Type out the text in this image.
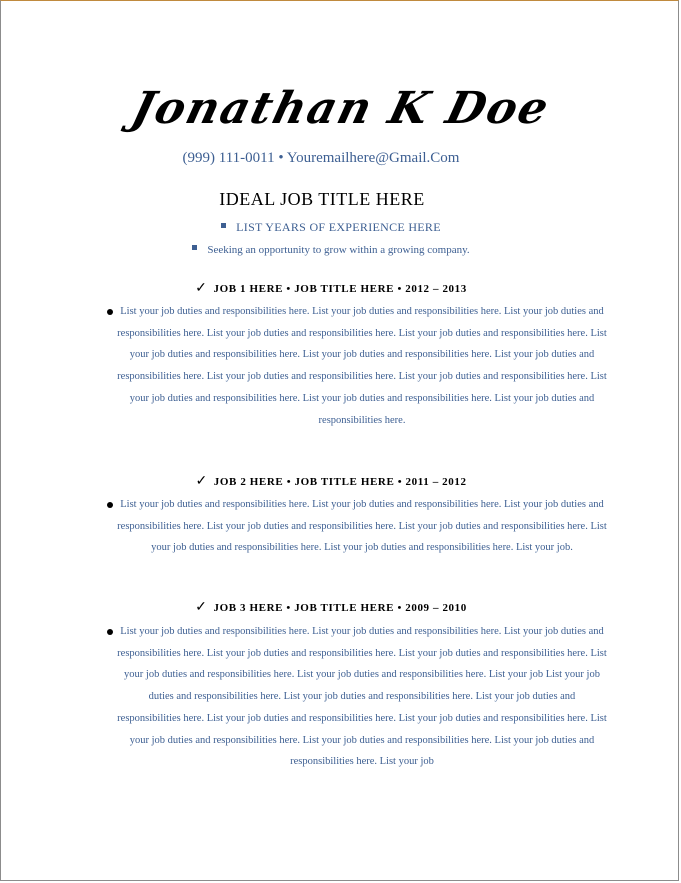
Jonathan K Doe
(999) 111-0011 • Youremailhere@Gmail.Com
IDEAL JOB TITLE HERE
LIST YEARS OF EXPERIENCE HERE
Seeking an opportunity to grow within a growing company.
✓ JOB 1 HERE • JOB TITLE HERE • 2012 – 2013

List your job duties and responsibilities here. List your job duties and responsibilities here. List your job duties and responsibilities here. List your job duties and responsibilities here. List your job duties and responsibilities here. List your job duties and responsibilities here. List your job duties and responsibilities here. List your job duties and responsibilities here. List your job duties and responsibilities here. List your job duties and responsibilities here. List your job duties and responsibilities here. List your job duties and responsibilities here. List your job duties and responsibilities here.

✓ JOB 2 HERE • JOB TITLE HERE • 2011 – 2012

List your job duties and responsibilities here. List your job duties and responsibilities here. List your job duties and responsibilities here. List your job duties and responsibilities here. List your job duties and responsibilities here. List your job duties and responsibilities here. List your job duties and responsibilities here. List your job.

✓ JOB 3 HERE • JOB TITLE HERE • 2009 – 2010

List your job duties and responsibilities here. List your job duties and responsibilities here. List your job duties and responsibilities here. List your job duties and responsibilities here. List your job duties and responsibilities here. List your job duties and responsibilities here. List your job duties and responsibilities here. List your job List your job duties and responsibilities here. List your job duties and responsibilities here. List your job duties and responsibilities here. List your job duties and responsibilities here. List your job duties and responsibilities here. List your job duties and responsibilities here. List your job duties and responsibilities here. List your job duties and responsibilities here. List your job
